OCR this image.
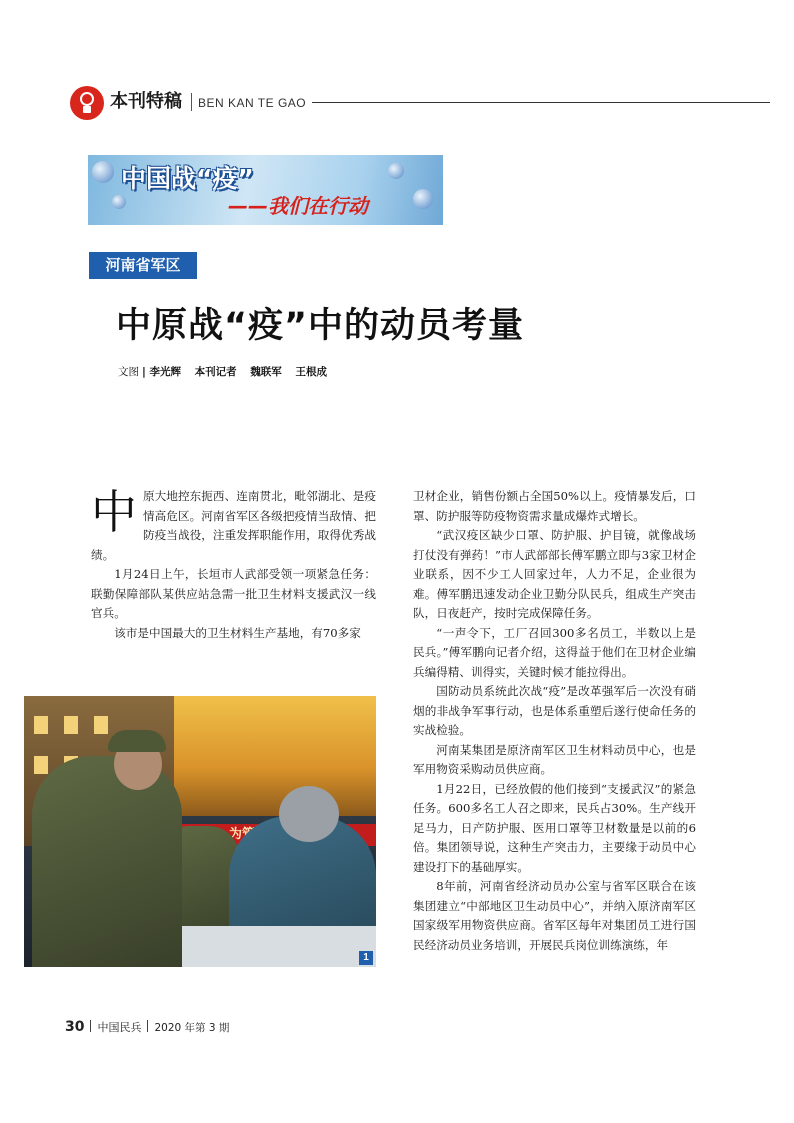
本刊特稿 BEN KAN TE GAO
中国战“疫”
——我们在行动
河南省军区
中原战“疫”中的动员考量
文图 | 李光辉 本刊记者 魏联军 王根成

中原大地控东扼西、连南贯北，毗邻湖北、是疫情高危区。河南省军区各级把疫情当敌情、把防疫当战役，注重发挥职能作用，取得优秀战绩。

1月24日上午，长垣市人武部受领一项紧急任务：联勤保障部队某供应站急需一批卫生材料支援武汉一线官兵。

该市是中国最大的卫生材料生产基地，有70多家

卫材企业，销售份额占全国50%以上。疫情暴发后，口罩、防护服等防疫物资需求量成爆炸式增长。

“武汉疫区缺少口罩、防护服、护目镜，就像战场打仗没有弹药！”市人武部部长傅军鹏立即与3家卫材企业联系，因不少工人回家过年，人力不足，企业很为难。傅军鹏迅速发动企业卫勤分队民兵，组成生产突击队，日夜赶产，按时完成保障任务。

“一声令下，工厂召回300多名员工，半数以上是民兵。”傅军鹏向记者介绍，这得益于他们在卫材企业编兵编得精、训得实，关键时候才能拉得出。

国防动员系统此次战“疫”是改革强军后一次没有硝烟的非战争军事行动，也是体系重塑后遂行使命任务的实战检验。

河南某集团是原济南军区卫生材料动员中心，也是军用物资采购动员供应商。

1月22日，已经放假的他们接到“支援武汉”的紧急任务。600多名工人召之即来，民兵占30%。生产线开足马力，日产防护服、医用口罩等卫材数量是以前的6倍。集团领导说，这种生产突击力，主要缘于动员中心建设打下的基础厚实。

8年前，河南省经济动员办公室与省军区联合在该集团建立“中部地区卫生动员中心”，并纳入原济南军区国家级军用物资供应商。省军区每年对集团员工进行国民经济动员业务培训，开展民兵岗位训练演练，年

1
30 中国民兵 2020 年第 3 期
